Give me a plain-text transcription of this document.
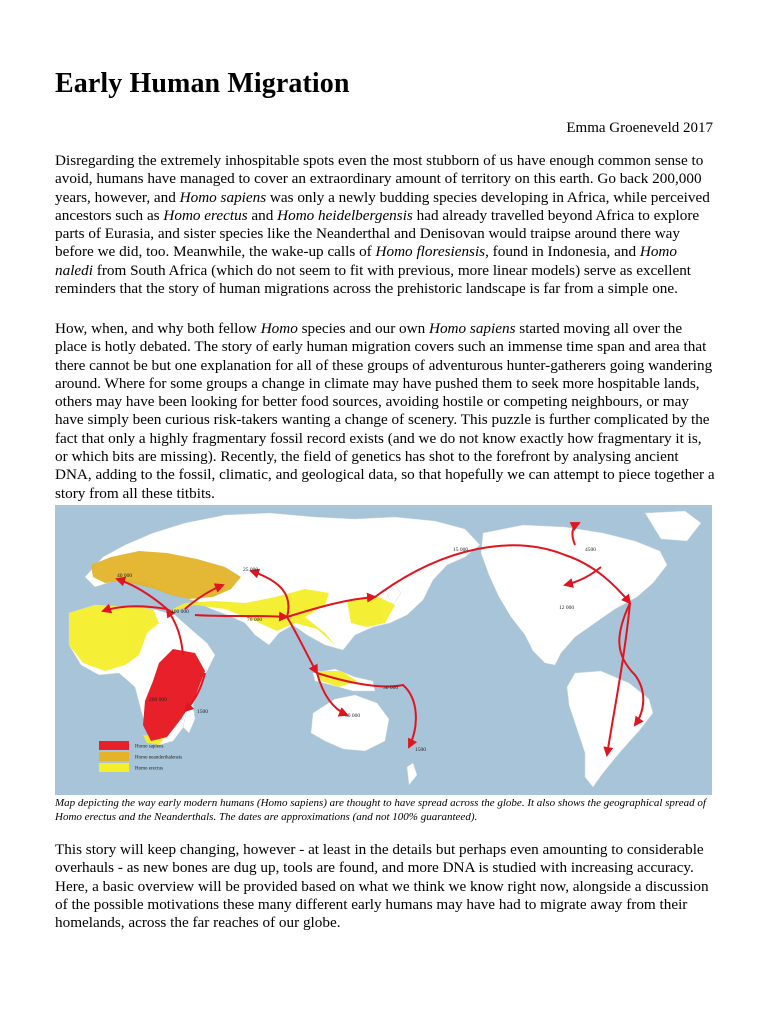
Early Human Migration
Emma Groeneveld 2017

Disregarding the extremely inhospitable spots even the most stubborn of us have enough common sense to avoid, humans have managed to cover an extraordinary amount of territory on this earth. Go back 200,000 years, however, and Homo sapiens was only a newly budding species developing in Africa, while perceived ancestors such as Homo erectus and Homo heidelbergensis had already travelled beyond Africa to explore parts of Eurasia, and sister species like the Neanderthal and Denisovan would traipse around there way before we did, too. Meanwhile, the wake-up calls of Homo floresiensis, found in Indonesia, and Homo naledi from South Africa (which do not seem to fit with previous, more linear models) serve as excellent reminders that the story of human migrations across the prehistoric landscape is far from a simple one.

How, when, and why both fellow Homo species and our own Homo sapiens started moving all over the place is hotly debated. The story of early human migration covers such an immense time span and area that there cannot be but one explanation for all of these groups of adventurous hunter-gatherers going wandering around. Where for some groups a change in climate may have pushed them to seek more hospitable lands, others may have been looking for better food sources, avoiding hostile or competing neighbours, or may have simply been curious risk-takers wanting a change of scenery. This puzzle is further complicated by the fact that only a highly fragmentary fossil record exists (and we do not know exactly how fragmentary it is, or which bits are missing). Recently, the field of genetics has shot to the forefront by analysing ancient DNA, adding to the fossil, climatic, and geological data, so that hopefully we can attempt to piece together a story from all these titbits.

40 000
25 000
100 000
70 000
200 000
1500
50 000
30 000
1500
15 000	4500
12 000
Homo sapiens
Homo neanderthalensis
Homo erectus

Map depicting the way early modern humans (Homo sapiens) are thought to have spread across the globe. It also shows the geographical spread of Homo erectus and the Neanderthals. The dates are approximations (and not 100% guaranteed).

This story will keep changing, however - at least in the details but perhaps even amounting to considerable overhauls - as new bones are dug up, tools are found, and more DNA is studied with increasing accuracy. Here, a basic overview will be provided based on what we think we know right now, alongside a discussion of the possible motivations these many different early humans may have had to migrate away from their homelands, across the far reaches of our globe.
